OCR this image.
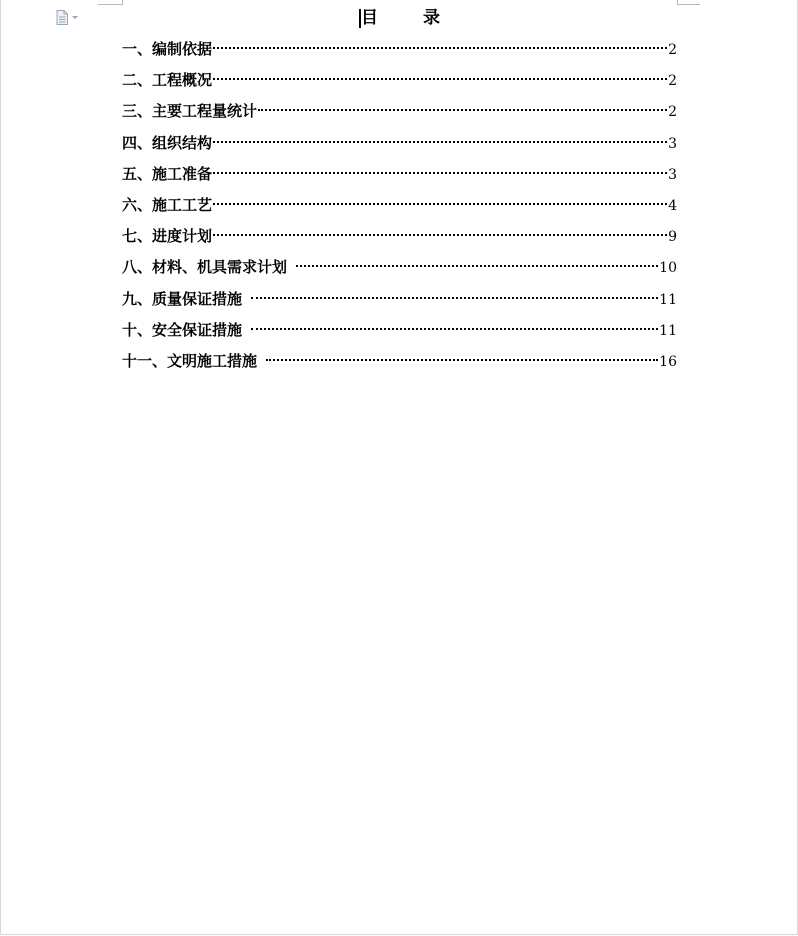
目

	录

一、编制依据	2
二、工程概况	2
三、主要工程量统计	2
四、组织结构	3
五、施工准备	3
六、施工工艺	4
七、进度计划	9
八、材料、机具需求计划	10
九、质量保证措施	11
十、安全保证措施	11
十一、文明施工措施	16
